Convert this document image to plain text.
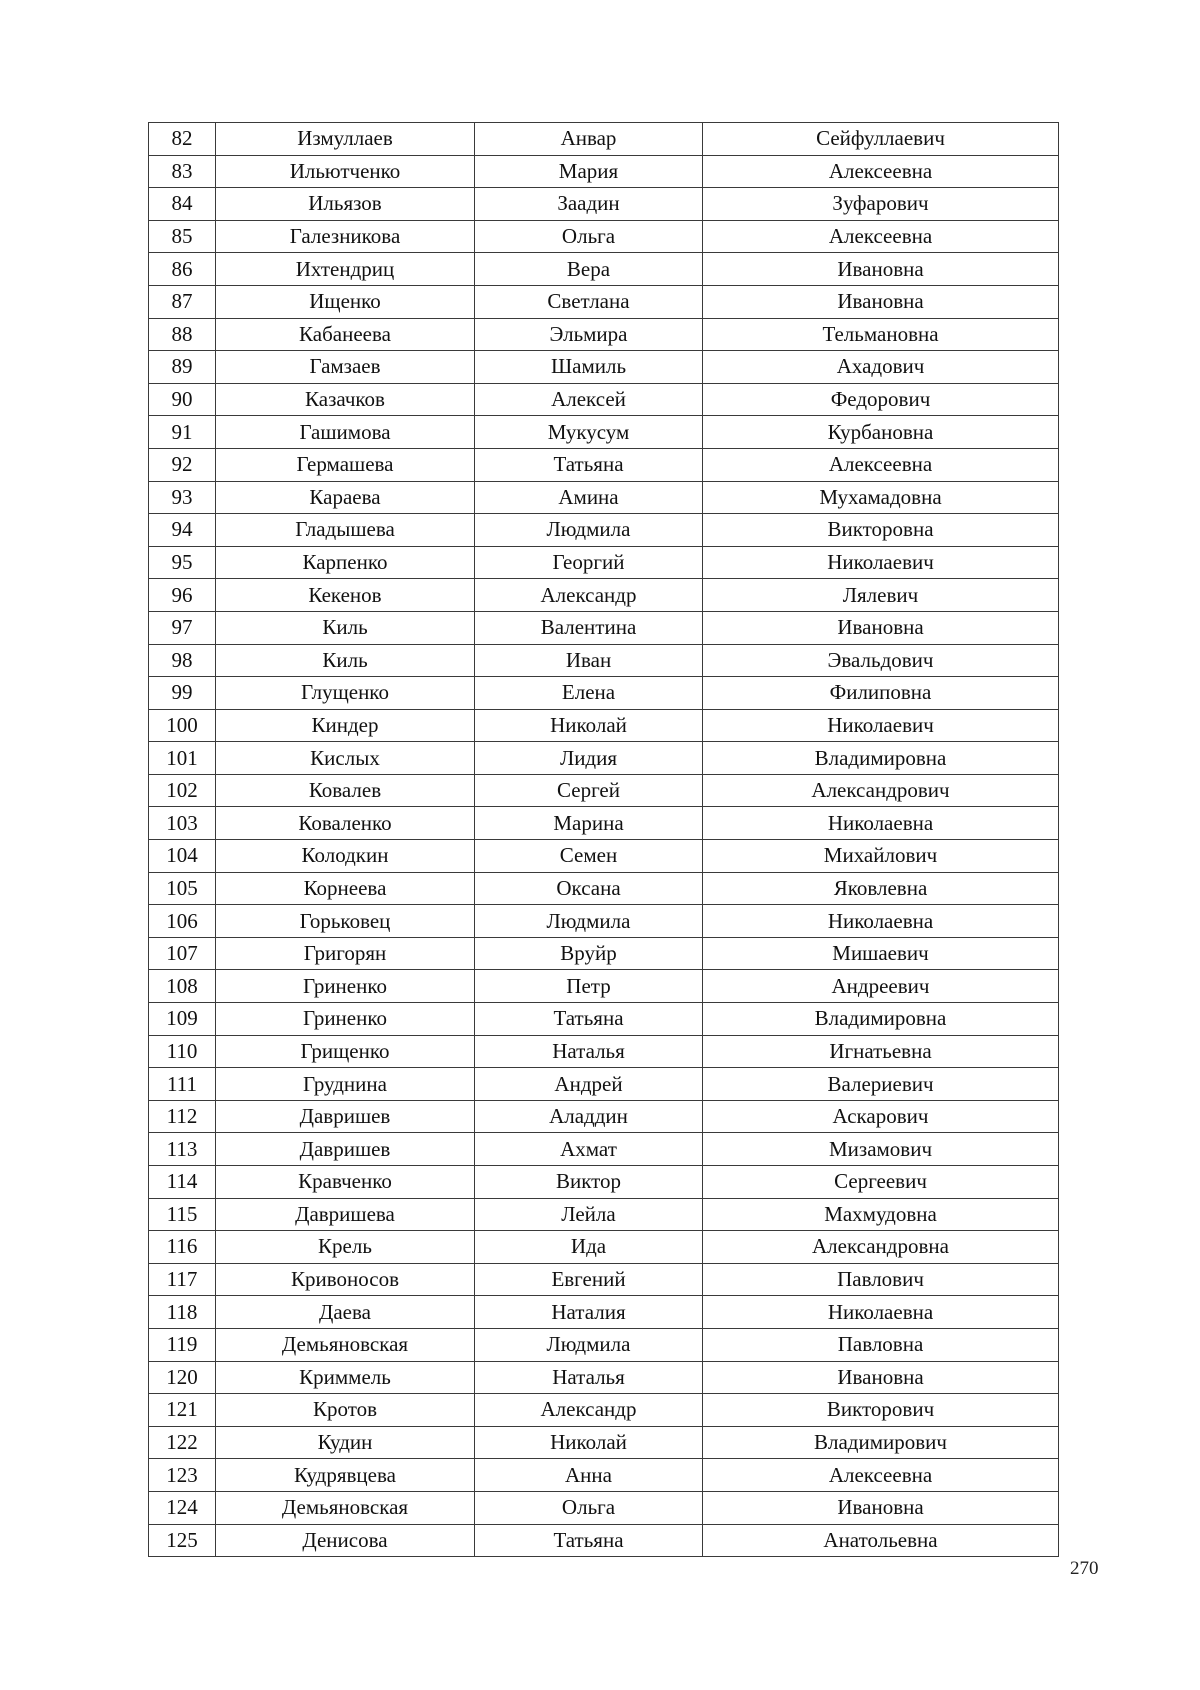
82	Измуллаев	Анвар	Сейфуллаевич
83	Ильютченко	Мария	Алексеевна
84	Ильязов	Заадин	Зуфарович
85	Галезникова	Ольга	Алексеевна
86	Ихтендриц	Вера	Ивановна
87	Ищенко	Светлана	Ивановна
88	Кабанеева	Эльмира	Тельмановна
89	Гамзаев	Шамиль	Ахадович
90	Казачков	Алексей	Федорович
91	Гашимова	Мукусум	Курбановна
92	Гермашева	Татьяна	Алексеевна
93	Караева	Амина	Мухамадовна
94	Гладышева	Людмила	Викторовна
95	Карпенко	Георгий	Николаевич
96	Кекенов	Александр	Лялевич
97	Киль	Валентина	Ивановна
98	Киль	Иван	Эвальдович
99	Глущенко	Елена	Филиповна
100	Киндер	Николай	Николаевич
101	Кислых	Лидия	Владимировна
102	Ковалев	Сергей	Александрович
103	Коваленко	Марина	Николаевна
104	Колодкин	Семен	Михайлович
105	Корнеева	Оксана	Яковлевна
106	Горьковец	Людмила	Николаевна
107	Григорян	Вруйр	Мишаевич
108	Гриненко	Петр	Андреевич
109	Гриненко	Татьяна	Владимировна
110	Грищенко	Наталья	Игнатьевна
111	Груднина	Андрей	Валериевич
112	Давришев	Аладдин	Аскарович
113	Давришев	Ахмат	Мизамович
114	Кравченко	Виктор	Сергеевич
115	Давришева	Лейла	Махмудовна
116	Крель	Ида	Александровна
117	Кривоносов	Евгений	Павлович
118	Даева	Наталия	Николаевна
119	Демьяновская	Людмила	Павловна
120	Криммель	Наталья	Ивановна
121	Кротов	Александр	Викторович
122	Кудин	Николай	Владимирович
123	Кудрявцева	Анна	Алексеевна
124	Демьяновская	Ольга	Ивановна
125	Денисова	Татьяна	Анатольевна
270
